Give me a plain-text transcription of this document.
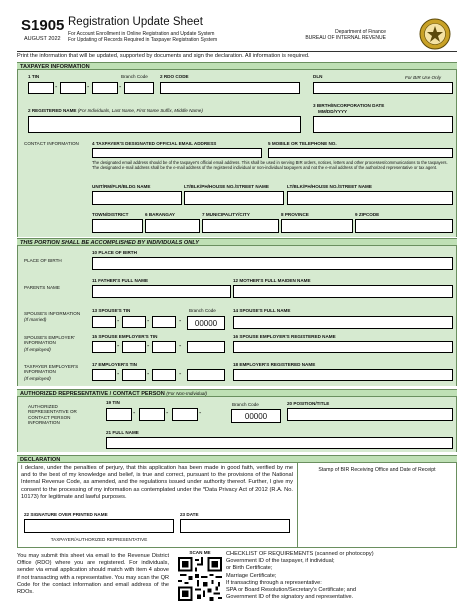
S1905
AUGUST 2022
Registration Update Sheet
For Account Enrollment in Online Registration and Update System
For Updating of Records Required in Taxpayer Registration System
Department of Finance
BUREAU OF INTERNAL REVENUE
Print the information that will be updated, supported by documents and sign the declaration. All information is required.
TAXPAYER INFORMATION
1 TIN	Branch Code	2 RDO CODE	DLN	For BIR Use Only
-	-	-
2 REGISTERED NAME (For Individuals, Last Name, First Name Suffix, Middle Name)
3 BIRTH/INCORPORATION DATE
MM/DD/YYYY
CONTACT INFORMATION	4 TAXPAYER'S DESIGNATED OFFICIAL EMAIL ADDRESS	5 MOBILE OR TELEPHONE NO.
The designated email address should be of the taxpayer's official email address. This shall be used in serving BIR orders, notices, letters and other processes/communications to the taxpayers. The designated e-mail address shall be the e-mail address of the registered individual or non-individual taxpayers and not the e-mail address of the authorized representative or tax agent.
UNIT/RM/FLR/BLDG NAME	LT/BLK/PH/HOUSE NO./STREET NAME	LT/BLK/PH/HOUSE NO./STREET NAME
TOWN/DISTRICT	6 BARANGAY	7 MUNICIPALITY/CITY	8 PROVINCE	9 ZIPCODE
THIS PORTION SHALL BE ACCOMPLISHED BY INDIVIDUALS ONLY
PLACE OF BIRTH
10 PLACE OF BIRTH
PARENTS NAME
11 FATHER'S FULL NAME	12 MOTHER'S FULL MAIDEN NAME
SPOUSE'S INFORMATION
(If married)
13 SPOUSE'S TIN	Branch Code	14 SPOUSE'S FULL NAME
-	-	-	00000
SPOUSE'S EMPLOYER' INFORMATION
(If employed)
15 SPOUSE EMPLOYER'S TIN	16 SPOUSE EMPLOYER'S REGISTERED NAME
-	-	-
TAXPAYER EMPLOYER'S INFORMATION
(If employed)
17 EMPLOYER'S TIN	18 EMPLOYER'S REGISTERED NAME
-	-	-
AUTHORIZED REPRESENTATIVE / CONTACT PERSON (For Non-Individual)
AUTHORIZED REPRESENTATIVE OR CONTACT PERSON INFORMATION
19 TIN	Branch Code	20 POSITION/TITLE
-	-	-	00000
21 FULL NAME
DECLARATION
I declare, under the penalties of perjury, that this application has been made in good faith, verified by me and to the best of my knowledge and belief, is true and correct, pursuant to the provisions of the National Internal Revenue Code, as amended, and the regulations issued under authority thereof. Further, I give my consent to the processing of my information as contemplated under the *Data Privacy Act of 2012 (R.A. No. 10173) for legitimate and lawful purposes.
Stamp of BIR Receiving Office and Date of Receipt
22 SIGNATURE OVER PRINTED NAME	23 DATE
TAXPAYER/AUTHORIZED REPRESENTATIVE
You may submit this sheet via email to the Revenue District Office (RDO) where you are registered. For individuals, sender via email application should match with item 4 above if not transacting with a representative. You may scan the QR Code for the contact information and email address of the RDOs.
SCAN ME	CHECKLIST OF REQUIREMENTS (scanned or photocopy)
Government ID of the taxpayer, if individual;
or Birth Certificate;
Marriage Certificate;
If transacting through a representative:
SPA or Board Resolution/Secretary's Certificate; and
Government ID of the signatory and representative.
